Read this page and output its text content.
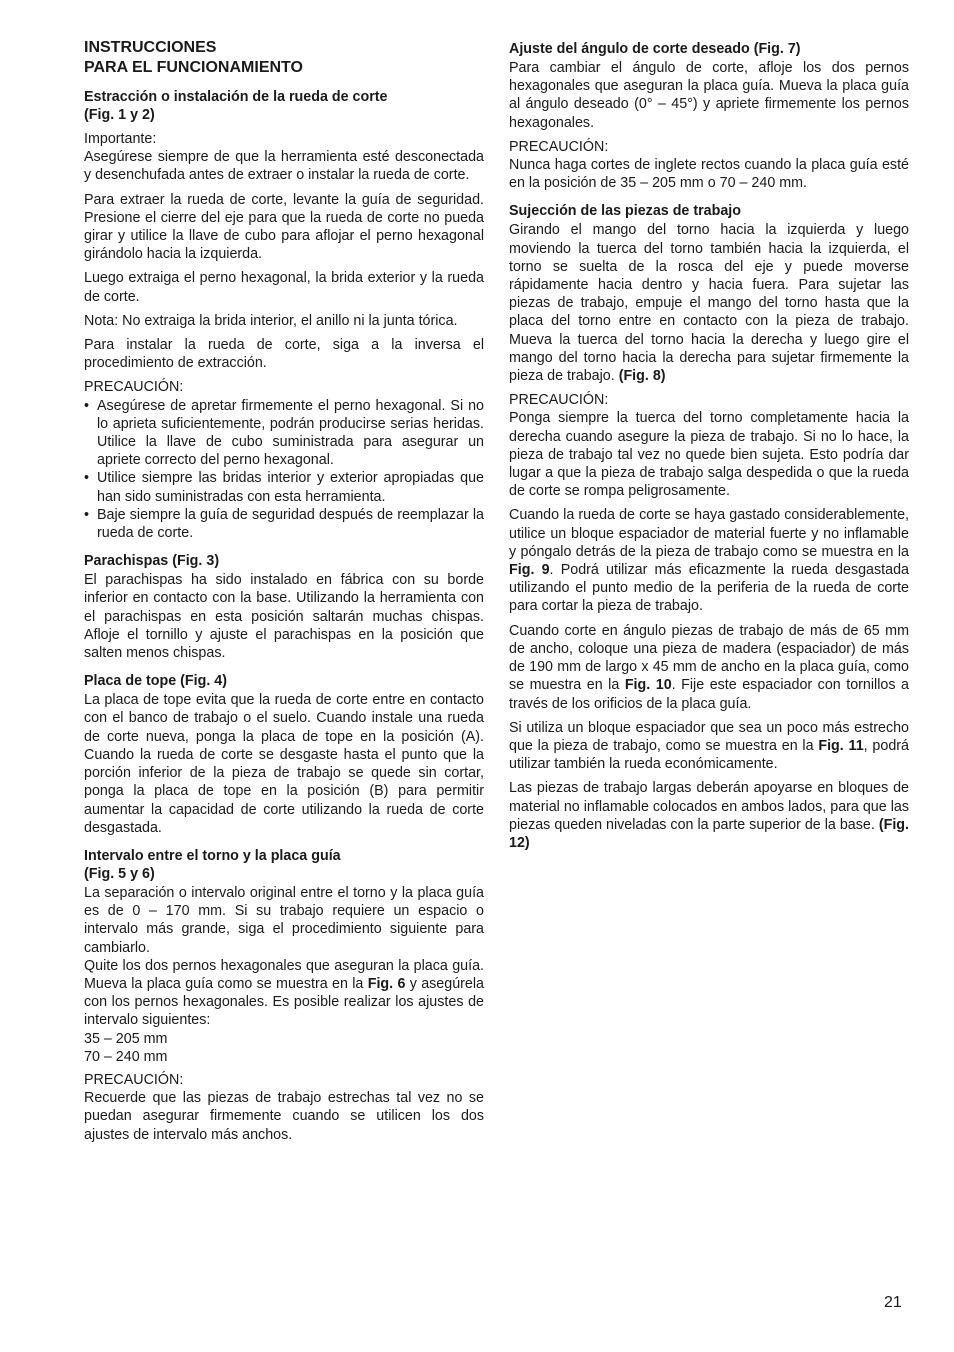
INSTRUCCIONES
PARA EL FUNCIONAMIENTO
Estracción o instalación de la rueda de corte
(Fig. 1 y 2)
Importante:

Asegúrese siempre de que la herramienta esté desconectada y desenchufada antes de extraer o instalar la rueda de corte.

Para extraer la rueda de corte, levante la guía de seguridad. Presione el cierre del eje para que la rueda de corte no pueda girar y utilice la llave de cubo para aflojar el perno hexagonal girándolo hacia la izquierda.

Luego extraiga el perno hexagonal, la brida exterior y la rueda de corte.

Nota: No extraiga la brida interior, el anillo ni la junta tórica.

Para instalar la rueda de corte, siga a la inversa el procedimiento de extracción.

PRECAUCIÓN:
• Asegúrese de apretar firmemente el perno hexagonal. Si no lo aprieta suficientemente, podrán producirse serias heridas. Utilice la llave de cubo suministrada para asegurar un apriete correcto del perno hexagonal.
• Utilice siempre las bridas interior y exterior apropiadas que han sido suministradas con esta herramienta.
• Baje siempre la guía de seguridad después de reemplazar la rueda de corte.
Parachispas (Fig. 3)

El parachispas ha sido instalado en fábrica con su borde inferior en contacto con la base. Utilizando la herramienta con el parachispas en esta posición saltarán muchas chispas. Afloje el tornillo y ajuste el parachispas en la posición que salten menos chispas.

Placa de tope (Fig. 4)

La placa de tope evita que la rueda de corte entre en contacto con el banco de trabajo o el suelo. Cuando instale una rueda de corte nueva, ponga la placa de tope en la posición (A). Cuando la rueda de corte se desgaste hasta el punto que la porción inferior de la pieza de trabajo se quede sin cortar, ponga la placa de tope en la posición (B) para permitir aumentar la capacidad de corte utilizando la rueda de corte desgastada.

Intervalo entre el torno y la placa guía
(Fig. 5 y 6)

La separación o intervalo original entre el torno y la placa guía es de 0 – 170 mm. Si su trabajo requiere un espacio o intervalo más grande, siga el procedimiento siguiente para cambiarlo.

Quite los dos pernos hexagonales que aseguran la placa guía. Mueva la placa guía como se muestra en la Fig. 6 y asegúrela con los pernos hexagonales. Es posible realizar los ajustes de intervalo siguientes:

35 – 205 mm
70 – 240 mm
PRECAUCIÓN:

Recuerde que las piezas de trabajo estrechas tal vez no se puedan asegurar firmemente cuando se utilicen los dos ajustes de intervalo más anchos.

Ajuste del ángulo de corte deseado (Fig. 7)

Para cambiar el ángulo de corte, afloje los dos pernos hexagonales que aseguran la placa guía. Mueva la placa guía al ángulo deseado (0° – 45°) y apriete firmemente los pernos hexagonales.

PRECAUCIÓN:

Nunca haga cortes de inglete rectos cuando la placa guía esté en la posición de 35 – 205 mm o 70 – 240 mm.

Sujección de las piezas de trabajo

Girando el mango del torno hacia la izquierda y luego moviendo la tuerca del torno también hacia la izquierda, el torno se suelta de la rosca del eje y puede moverse rápidamente hacia dentro y hacia fuera. Para sujetar las piezas de trabajo, empuje el mango del torno hasta que la placa del torno entre en contacto con la pieza de trabajo. Mueva la tuerca del torno hacia la derecha y luego gire el mango del torno hacia la derecha para sujetar firmemente la pieza de trabajo. (Fig. 8)

PRECAUCIÓN:

Ponga siempre la tuerca del torno completamente hacia la derecha cuando asegure la pieza de trabajo. Si no lo hace, la pieza de trabajo tal vez no quede bien sujeta. Esto podría dar lugar a que la pieza de trabajo salga despedida o que la rueda de corte se rompa peligrosamente.

Cuando la rueda de corte se haya gastado considerablemente, utilice un bloque espaciador de material fuerte y no inflamable y póngalo detrás de la pieza de trabajo como se muestra en la Fig. 9. Podrá utilizar más eficazmente la rueda desgastada utilizando el punto medio de la periferia de la rueda de corte para cortar la pieza de trabajo.

Cuando corte en ángulo piezas de trabajo de más de 65 mm de ancho, coloque una pieza de madera (espaciador) de más de 190 mm de largo x 45 mm de ancho en la placa guía, como se muestra en la Fig. 10. Fije este espaciador con tornillos a través de los orificios de la placa guía.

Si utiliza un bloque espaciador que sea un poco más estrecho que la pieza de trabajo, como se muestra en la Fig. 11, podrá utilizar también la rueda económicamente.

Las piezas de trabajo largas deberán apoyarse en bloques de material no inflamable colocados en ambos lados, para que las piezas queden niveladas con la parte superior de la base. (Fig. 12)

21
